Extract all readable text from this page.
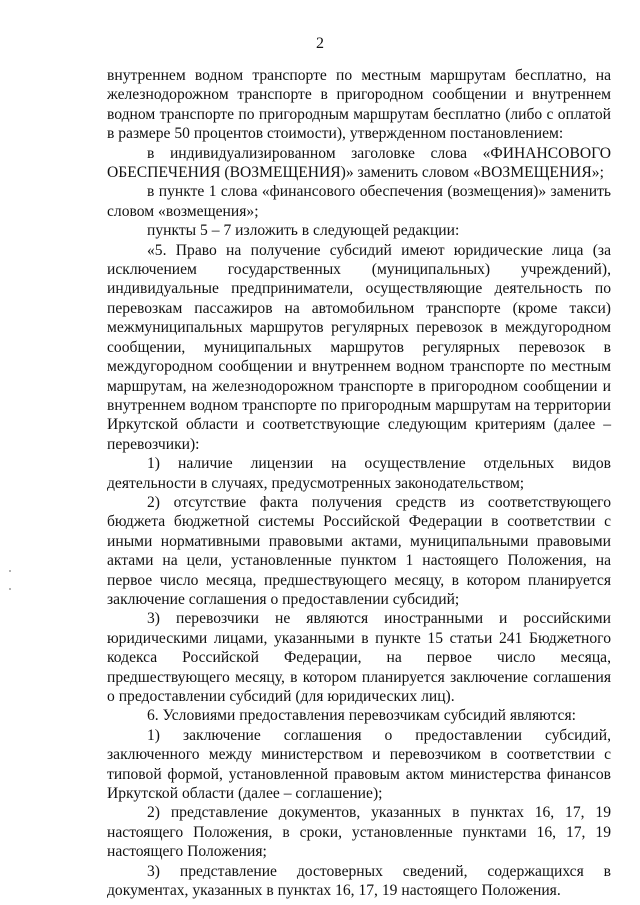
2

внутреннем водном транспорте по местным маршрутам бесплатно, на железнодорожном транспорте в пригородном сообщении и внутреннем водном транспорте по пригородным маршрутам бесплатно (либо с оплатой в размере 50 процентов стоимости), утвержденном постановлением:

в индивидуализированном заголовке слова «ФИНАНСОВОГО ОБЕСПЕЧЕНИЯ (ВОЗМЕЩЕНИЯ)» заменить словом «ВОЗМЕЩЕНИЯ»;

в пункте 1 слова «финансового обеспечения (возмещения)» заменить словом «возмещения»;

пункты 5 – 7 изложить в следующей редакции:

«5. Право на получение субсидий имеют юридические лица (за исключением государственных (муниципальных) учреждений), индивидуальные предприниматели, осуществляющие деятельность по перевозкам пассажиров на автомобильном транспорте (кроме такси) межмуниципальных маршрутов регулярных перевозок в междугородном сообщении, муниципальных маршрутов регулярных перевозок в междугородном сообщении и внутреннем водном транспорте по местным маршрутам, на железнодорожном транспорте в пригородном сообщении и внутреннем водном транспорте по пригородным маршрутам на территории Иркутской области и соответствующие следующим критериям (далее – перевозчики):

1) наличие лицензии на осуществление отдельных видов деятельности в случаях, предусмотренных законодательством;

2) отсутствие факта получения средств из соответствующего бюджета бюджетной системы Российской Федерации в соответствии с иными нормативными правовыми актами, муниципальными правовыми актами на цели, установленные пунктом 1 настоящего Положения, на первое число месяца, предшествующего месяцу, в котором планируется заключение соглашения о предоставлении субсидий;

3) перевозчики не являются иностранными и российскими юридическими лицами, указанными в пункте 15 статьи 241 Бюджетного кодекса Российской Федерации, на первое число месяца, предшествующего месяцу, в котором планируется заключение соглашения о предоставлении субсидий (для юридических лиц).

6. Условиями предоставления перевозчикам субсидий являются:

1) заключение соглашения о предоставлении субсидий, заключенного между министерством и перевозчиком в соответствии с типовой формой, установленной правовым актом министерства финансов Иркутской области (далее – соглашение);

2) представление документов, указанных в пунктах 16, 17, 19 настоящего Положения, в сроки, установленные пунктами 16, 17, 19 настоящего Положения;

3) представление достоверных сведений, содержащихся в документах, указанных в пунктах 16, 17, 19 настоящего Положения.
